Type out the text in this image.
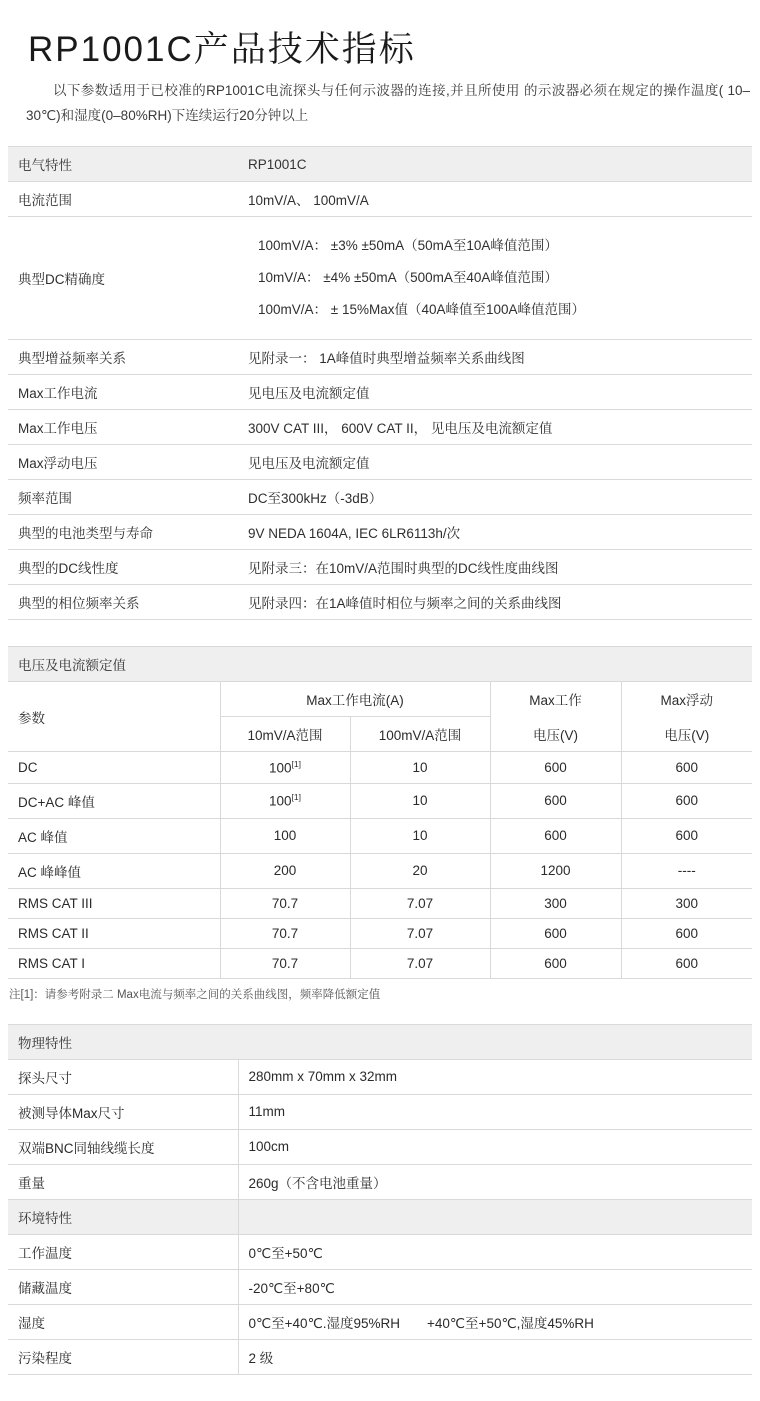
RP1001C产品技术指标

以下参数适用于已校准的RP1001C电流探头与任何示波器的连接,并且所使用 的示波器必须在规定的操作温度( 10–30℃)和湿度(0–80%RH)下连续运行20分钟以上

电气特性	RP1001C
电流范围	10mV/A、 100mV/A
典型DC精确度	100mV/A： ±3% ±50mA（50mA至10A峰值范围）
10mV/A： ±4% ±50mA（500mA至40A峰值范围）
100mV/A： ± 15%Max值（40A峰值至100A峰值范围）

典型增益频率关系	见附录一： 1A峰值时典型增益频率关系曲线图
Max工作电流	见电压及电流额定值
Max工作电压	300V CAT III， 600V CAT II， 见电压及电流额定值
Max浮动电压	见电压及电流额定值
频率范围	DC至300kHz（-3dB）
典型的电池类型与寿命	9V NEDA 1604A, IEC 6LR6113h/次
典型的DC线性度	见附录三：在10mV/A范围时典型的DC线性度曲线图
典型的相位频率关系	见附录四：在1A峰值时相位与频率之间的关系曲线图
电压及电流额定值				
参数	Max工作电流(A)		Max工作	Max浮动
	10mV/A范围	100mV/A范围	电压(V)	电压(V)
DC	100[1]	10	600	600
DC+AC 峰值	100[1]	10	600	600
AC 峰值	100	10	600	600
AC 峰峰值	200	20	1200	----
RMS CAT III	70.7	7.07	300	300
RMS CAT II	70.7	7.07	600	600
RMS CAT I	70.7	7.07	600	600
注[1]：请参考附录二 Max电流与频率之间的关系曲线图，频率降低额定值
物理特性	
探头尺寸	280mm x 70mm x 32mm
被测导体Max尺寸	11mm
双端BNC同轴线缆长度	100cm
重量	260g（不含电池重量）
环境特性	
工作温度	0℃至+50℃
储藏温度	-20℃至+80℃
湿度	0℃至+40℃.湿度95%RH　　+40℃至+50℃,湿度45%RH
污染程度	2 级
